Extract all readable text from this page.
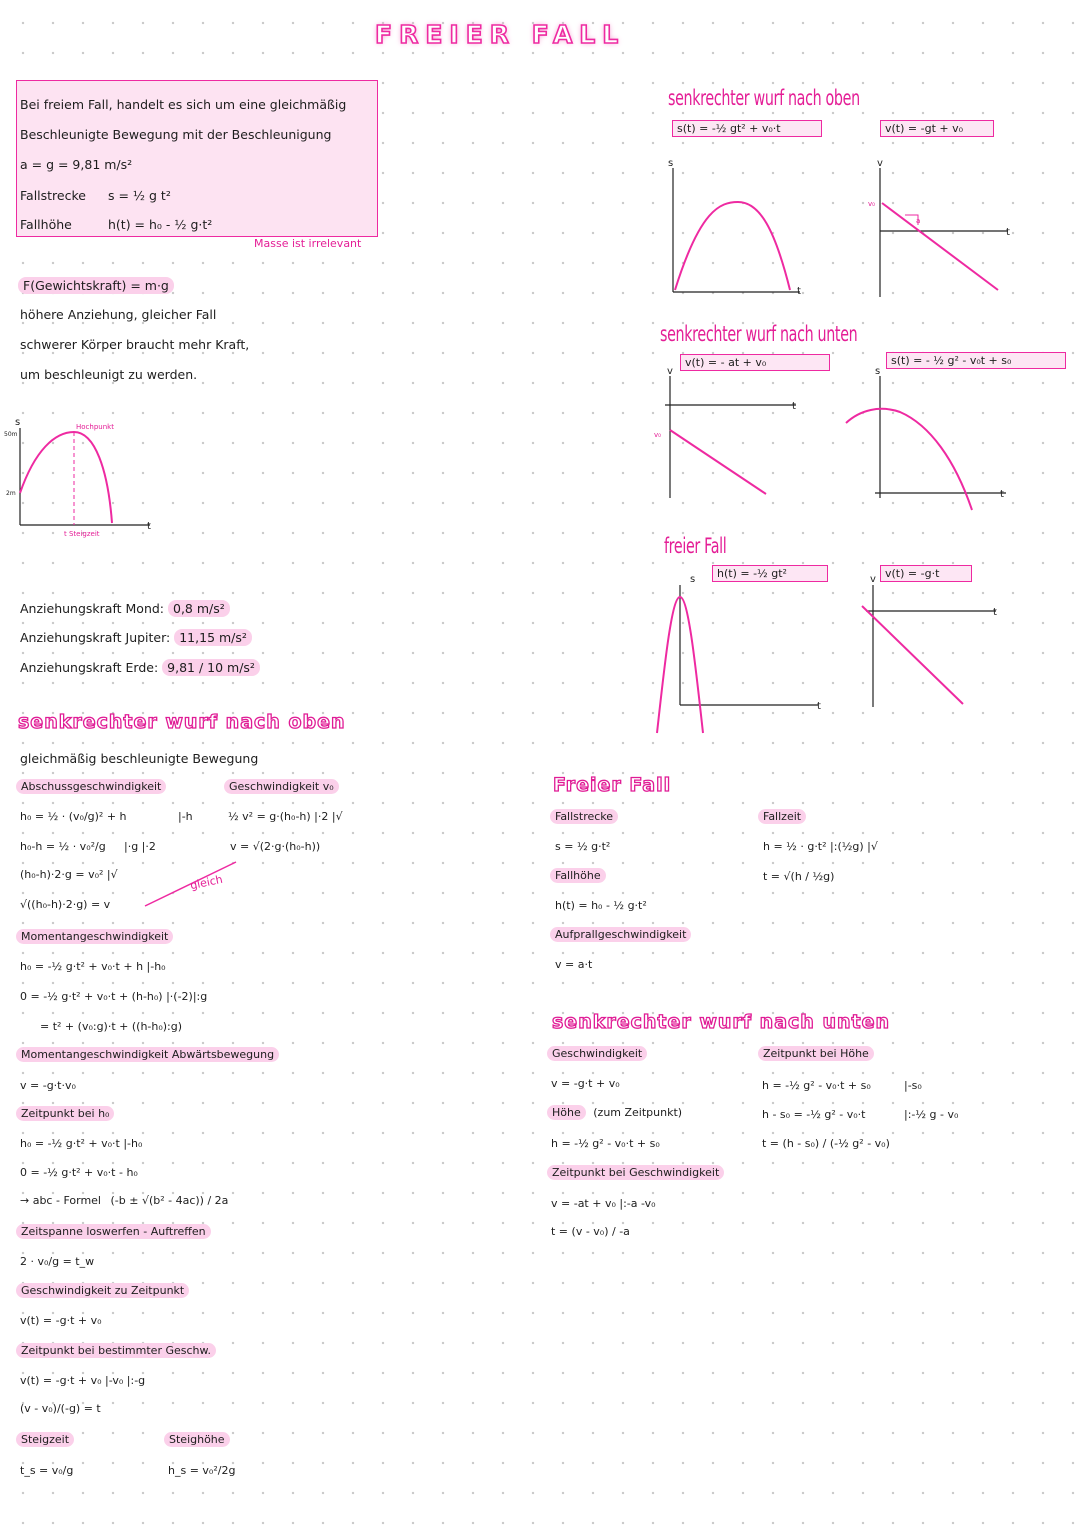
FREIER FALL
Bei freiem Fall, handelt es sich um eine gleichmäßig
Beschleunigte Bewegung mit der Beschleunigung
a = g = 9,81 m/s²
Fallstrecke s = ½ g t²
Fallhöhe	h(t) = h₀ - ½ g·t²
Masse ist irrelevant
F(Gewichtskraft) = m·g
höhere Anziehung, gleicher Fall
schwerer Körper braucht mehr Kraft,
um beschleunigt zu werden.
s
t
Hochpunkt
50m
2m
t Steigzeit
Anziehungskraft Mond: 0,8 m/s²
Anziehungskraft Jupiter: 11,15 m/s²
Anziehungskraft Erde: 9,81 / 10 m/s²
senkrechter wurf nach oben
gleichmäßig beschleunigte Bewegung
Abschussgeschwindigkeit	Geschwindigkeit v₀
h₀ = ½ · (v₀/g)² + h	|-h	½ v² = g·(h₀-h) |·2 |√
h₀-h = ½ · v₀²/g |·g |·2	v = √(2·g·(h₀-h))
(h₀-h)·2·g = v₀² |√
√((h₀-h)·2·g) = v
gleich
Momentangeschwindigkeit
h₀ = -½ g·t² + v₀·t + h |-h₀
0 = -½ g·t² + v₀·t + (h-h₀) |·(-2)|:g
= t² + (v₀:g)·t + ((h-h₀):g)
Momentangeschwindigkeit Abwärtsbewegung
v = -g·t·v₀
Zeitpunkt bei h₀
h₀ = -½ g·t² + v₀·t |-h₀
0 = -½ g·t² + v₀·t - h₀
→ abc - Formel (-b ± √(b² - 4ac)) / 2a
Zeitspanne loswerfen - Auftreffen
2 · v₀/g = t_w
Geschwindigkeit zu Zeitpunkt
v(t) = -g·t + v₀
Zeitpunkt bei bestimmter Geschw.
v(t) = -g·t + v₀ |-v₀ |:-g
(v - v₀)/(-g) = t
Steigzeit	Steighöhe
t_s = v₀/g	h_s = v₀²/2g
senkrechter wurf nach oben
s(t) = -½ gt² + v₀·t	v(t) = -gt + v₀
senkrechter wurf nach unten
v(t) = - at + v₀	s(t) = - ½ g² - v₀t + s₀
freier Fall
h(t) = -½ gt²	v(t) = -g·t
s
t
v
t
v₀
a
v
t
v₀
s
t
s
t
v
t
Freier Fall
Fallstrecke	Fallzeit
s = ½ g·t²	h = ½ · g·t² |:(½g) |√
t = √(h / ½g)
Fallhöhe
h(t) = h₀ - ½ g·t²
Aufprallgeschwindigkeit
v = a·t
senkrechter wurf nach unten
Geschwindigkeit	Zeitpunkt bei Höhe
v = -g·t + v₀	h = -½ g² - v₀·t + s₀	|-s₀
h - s₀ = -½ g² - v₀·t	|:-½ g - v₀
t = (h - s₀) / (-½ g² - v₀)
Höhe (zum Zeitpunkt)
h = -½ g² - v₀·t + s₀
Zeitpunkt bei Geschwindigkeit
v = -at + v₀ |:-a -v₀
t = (v - v₀) / -a
